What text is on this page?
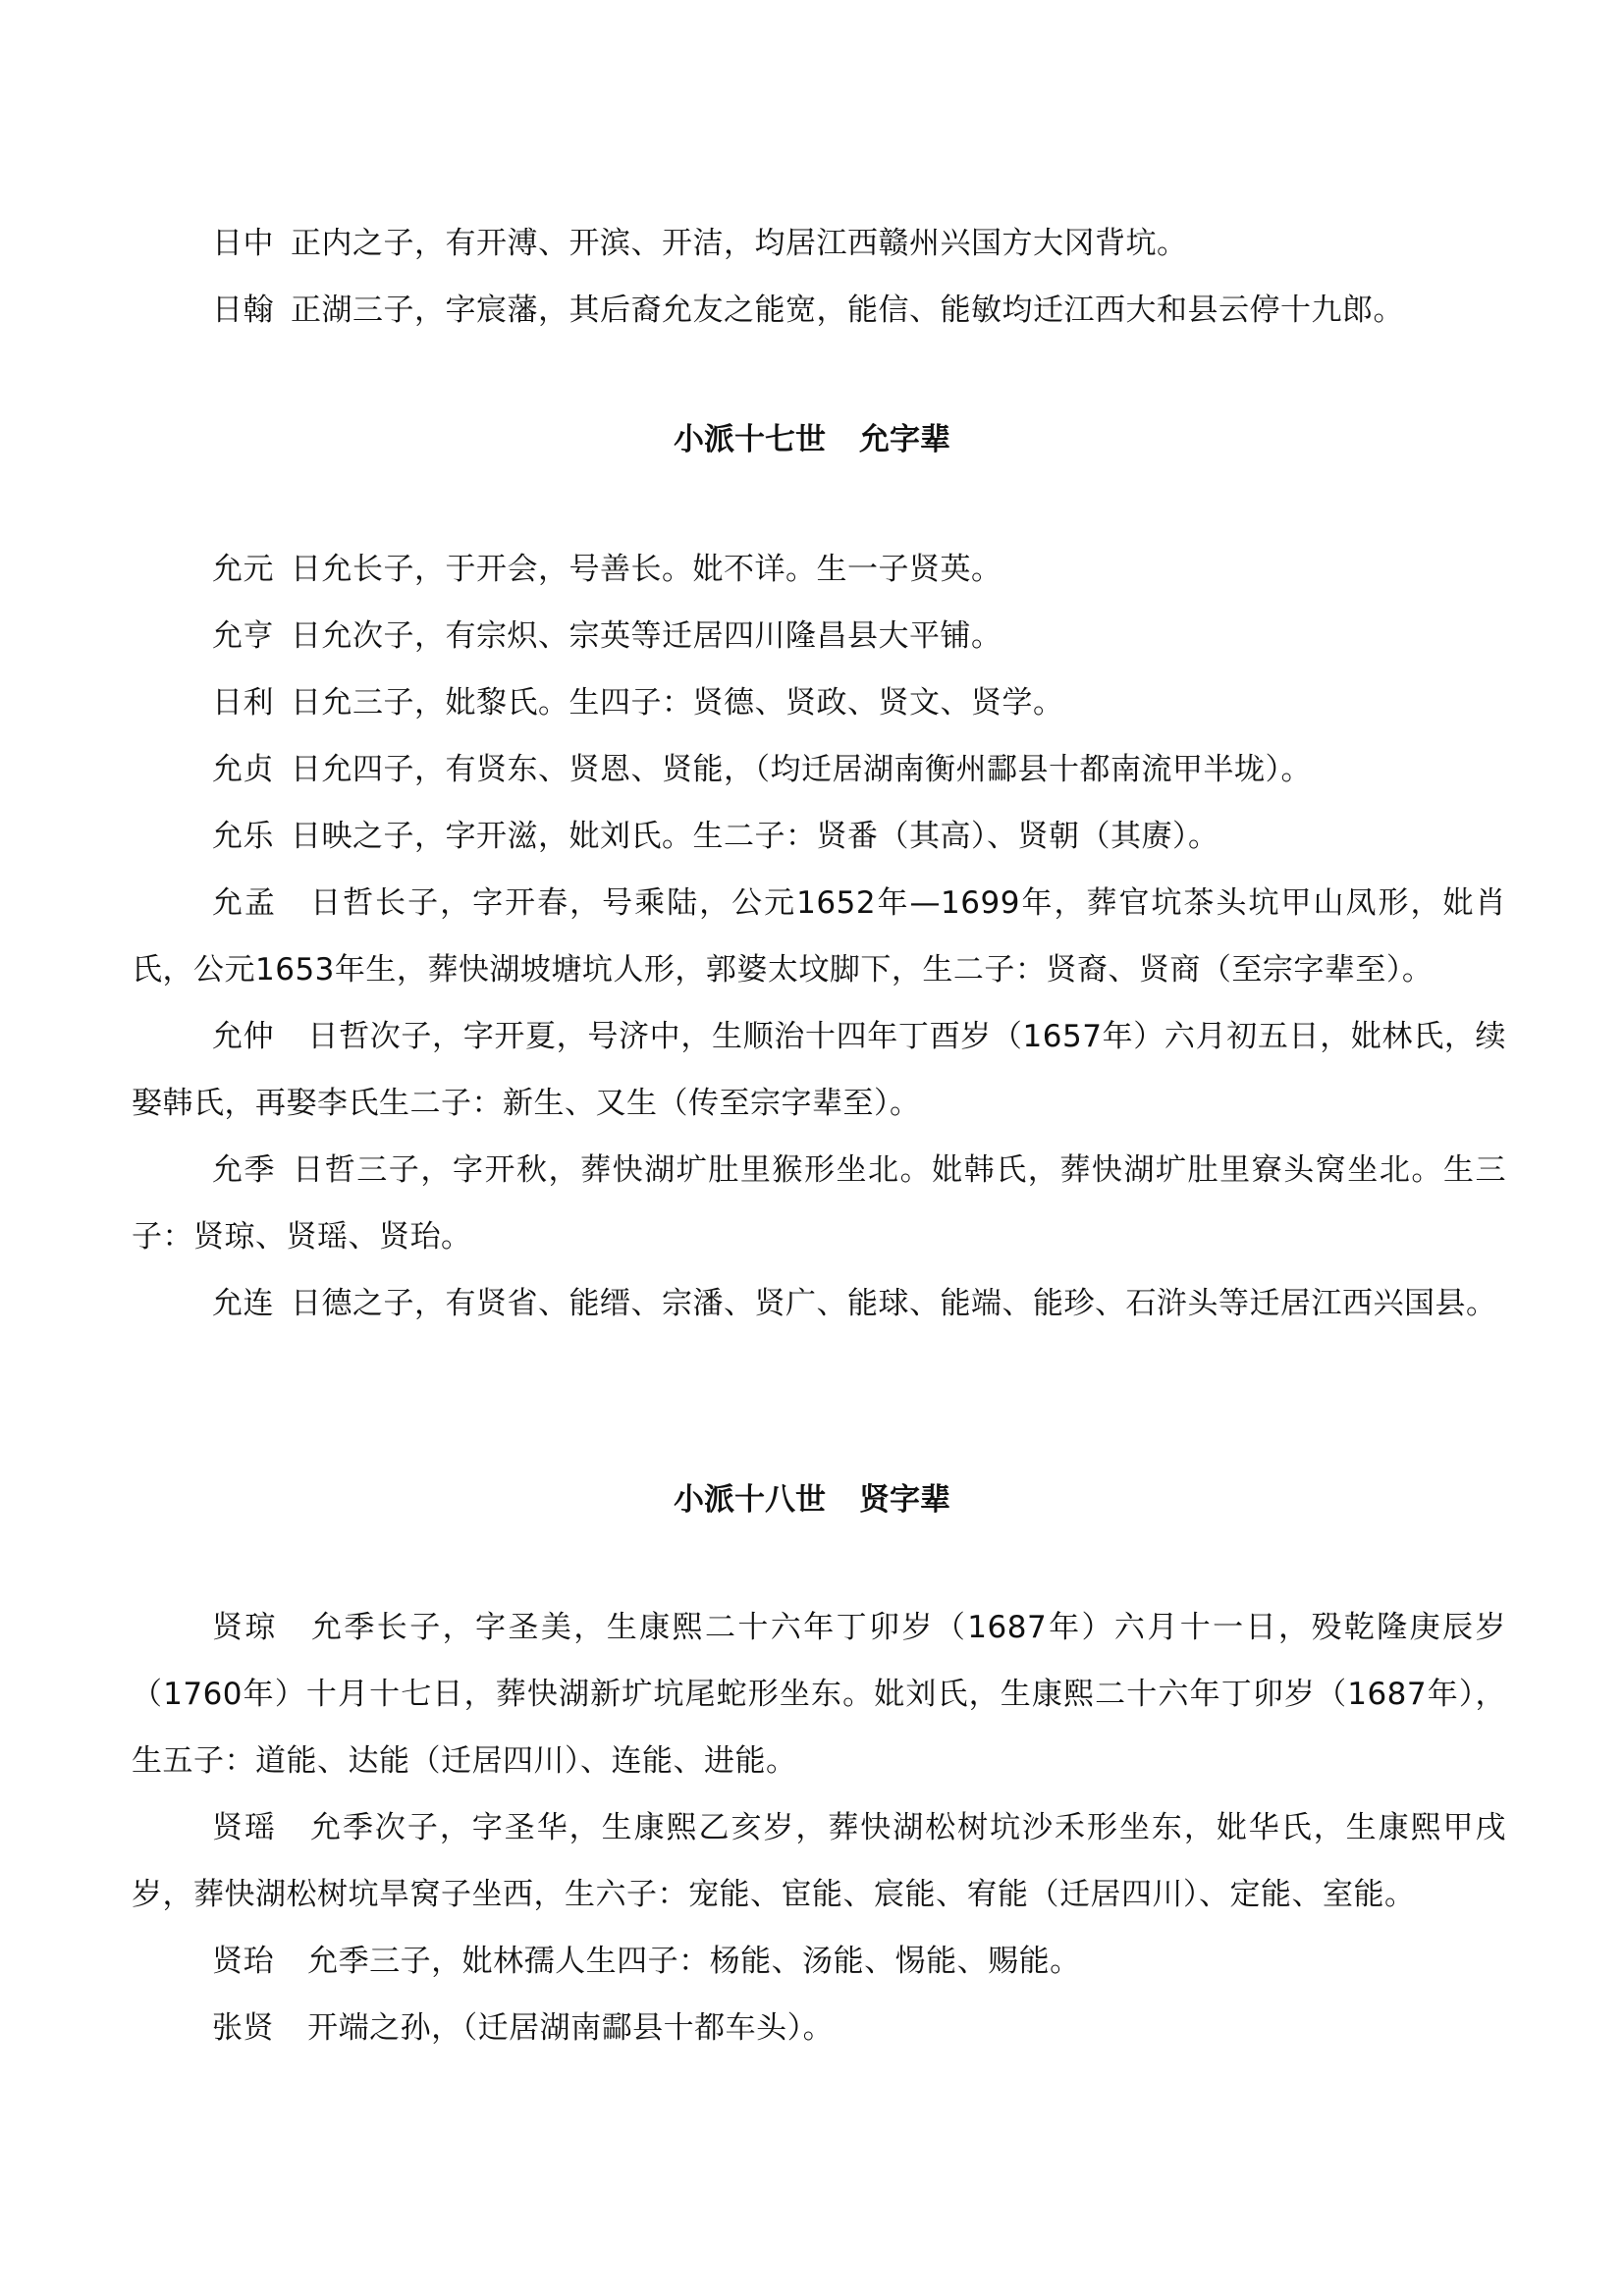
日中 正内之子，有开溥、开滨、开洁，均居江西赣州兴国方大冈背坑。

日翰 正湖三子，字宸藩，其后裔允友之能宽，能信、能敏均迁江西大和县云停十九郎。

小派十七世 允字辈

允元 日允长子，于开会，号善长。妣不详。生一子贤英。

允亨 日允次子，有宗炽、宗英等迁居四川隆昌县大平铺。

日利 日允三子，妣黎氏。生四子：贤德、贤政、贤文、贤学。

允贞 日允四子，有贤东、贤恩、贤能，（均迁居湖南衡州酃县十都南流甲半垅）。

允乐 日映之子，字开滋，妣刘氏。生二子：贤番（其高）、贤朝（其赓）。

允孟 日哲长子，字开春，号乘陆，公元1652年—1699年，葬官坑茶头坑甲山凤形，妣肖氏，公元1653年生，葬快湖坡塘坑人形，郭婆太坟脚下，生二子：贤裔、贤商（至宗字辈至）。

允仲 日哲次子，字开夏，号济中，生顺治十四年丁酉岁（1657年）六月初五日，妣林氏，续娶韩氏，再娶李氏生二子：新生、又生（传至宗字辈至）。

允季 日哲三子，字开秋，葬快湖圹肚里猴形坐北。妣韩氏，葬快湖圹肚里寮头窝坐北。生三子：贤琼、贤瑶、贤珆。

允连 日德之子，有贤省、能缙、宗潘、贤广、能球、能端、能珍、石浒头等迁居江西兴国县。

小派十八世 贤字辈

贤琼 允季长子，字圣美，生康熙二十六年丁卯岁（1687年）六月十一日，殁乾隆庚辰岁（1760年）十月十七日，葬快湖新圹坑尾蛇形坐东。妣刘氏，生康熙二十六年丁卯岁（1687年），生五子：道能、达能（迁居四川）、连能、进能。

贤瑶 允季次子，字圣华，生康熙乙亥岁，葬快湖松树坑沙禾形坐东，妣华氏，生康熙甲戌岁，葬快湖松树坑旱窝子坐西，生六子：宠能、宦能、宸能、宥能（迁居四川）、定能、室能。

贤珆 允季三子，妣林孺人生四子：杨能、汤能、惕能、赐能。

张贤 开端之孙，（迁居湖南酃县十都车头）。
